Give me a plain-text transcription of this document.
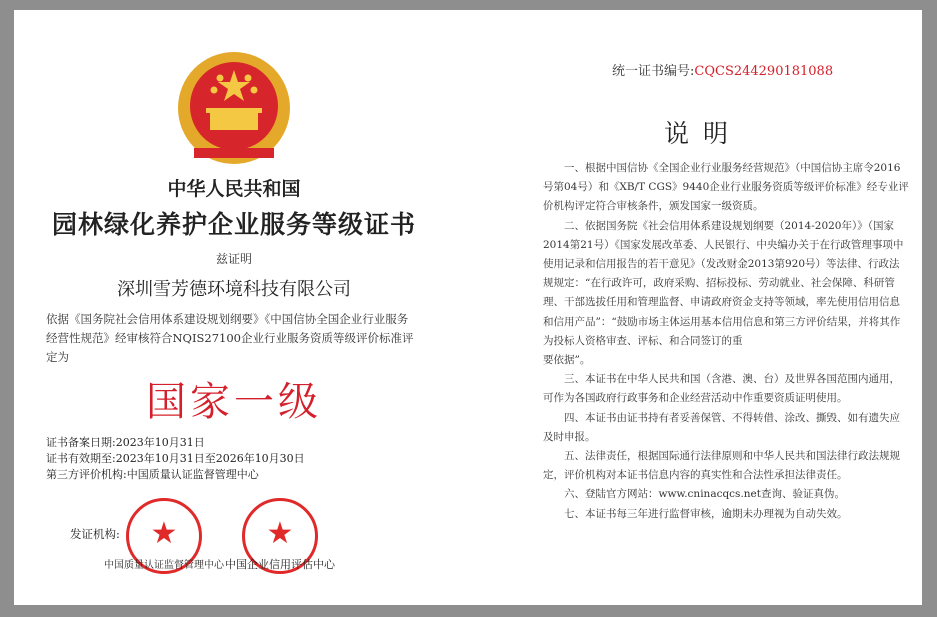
中华人民共和国
园林绿化养护企业服务等级证书
兹证明
深圳雪芳德环境科技有限公司
依据《国务院社会信用体系建设规划纲要》《中国信协全国企业行业服务经营性规范》经审核符合NQIS27100企业行业服务资质等级评价标准评定为
国家一级
证书备案日期:2023年10月31日
证书有效期至:2023年10月31日至2026年10月30日
第三方评价机构:中国质量认证监督管理中心
发证机构:	★	★
中国质量认证监督管理中心 中国企业信用评估中心
统一证书编号:CQCS244290181088
说明

一、根据中国信协《全国企业行业服务经营规范》（中国信协主席令2016号第04号）和《XB/T CGS》9440企业行业服务资质等级评价标准》经专业评价机构评定符合审核条件，颁发国家一级资质。

二、依据国务院《社会信用体系建设规划纲要（2014-2020年）》（国家2014第21号）《国家发展改革委、人民银行、中央编办关于在行政管理事项中使用记录和信用报告的若干意见》（发改财金2013第920号）等法律、行政法规规定：“在行政许可，政府采购、招标投标、劳动就业、社会保障、科研管理、干部选拔任用和管理监督、申请政府资金支持等领域，率先使用信用信息和信用产品”：“鼓励市场主体运用基本信用信息和第三方评价结果，并将其作为投标人资格审查、评标、和合同签订的重

要依据”。

三、本证书在中华人民共和国（含港、澳、台）及世界各国范围内通用，可作为各国政府行政事务和企业经营活动中作重要资质证明使用。

四、本证书由证书持有者妥善保管、不得转借、涂改、撕毁、如有遗失应及时申报。

五、法律责任，根据国际通行法律原则和中华人民共和国法律行政法规规定，评价机构对本证书信息内容的真实性和合法性承担法律责任。

六、登陆官方网站：www.cninacqcs.net查询、验证真伪。

七、本证书每三年进行监督审核，逾期未办理视为自动失效。
